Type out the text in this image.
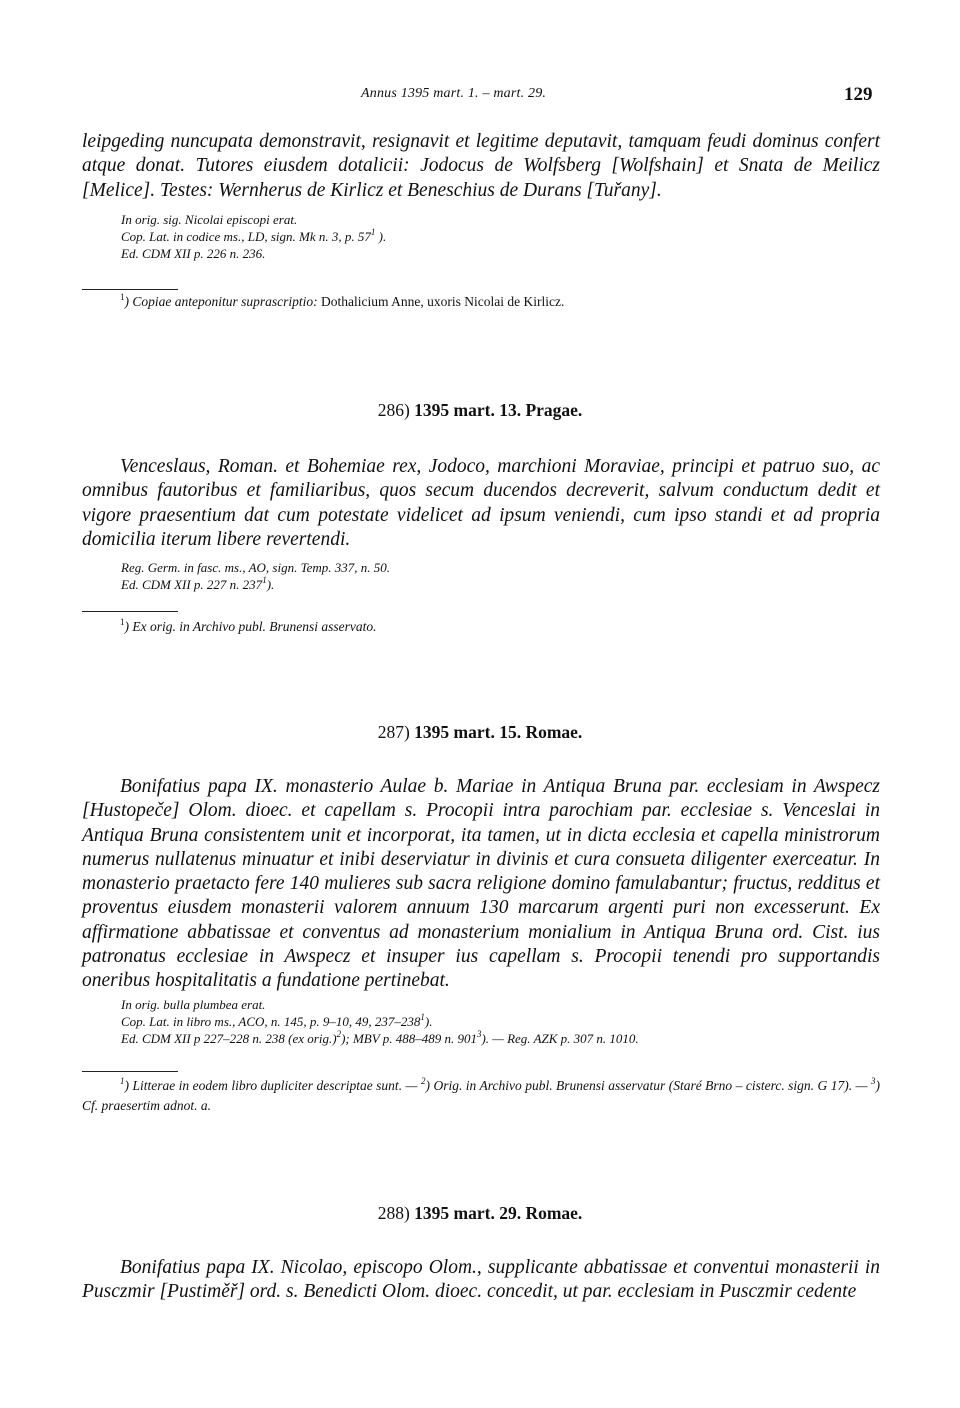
Annus 1395 mart. 1. – mart. 29.	129
leipgeding nuncupata demonstravit, resignavit et legitime deputavit, tamquam feudi dominus confert atque donat. Tutores eiusdem dotalicii: Jodocus de Wolfsberg [Wolfshain] et Snata de Meilicz [Melice]. Testes: Wernherus de Kirlicz et Beneschius de Durans [Tuřany].
In orig. sig. Nicolai episcopi erat.
Cop. Lat. in codice ms., LD, sign. Mk n. 3, p. $57^1$ ).
Ed. CDM XII p. 226 n. 236.
$^1$) Copiae anteponitur suprascriptio: Dothalicium Anne, uxoris Nicolai de Kirlicz.
286) 1395 mart. 13. Pragae.
Venceslaus, Roman. et Bohemiae rex, Jodoco, marchioni Moraviae, principi et patruo suo, ac omnibus fautoribus et familiaribus, quos secum ducendos decreverit, salvum conductum dedit et vigore praesentium dat cum potestate videlicet ad ipsum veniendi, cum ipso standi et ad propria domicilia iterum libere revertendi.
Reg. Germ. in fasc. ms., AO, sign. Temp. 337, n. 50.
Ed. CDM XII p. 227 n. $237^1$).
$^1$) Ex orig. in Archivo publ. Brunensi asservato.
287) 1395 mart. 15. Romae.
Bonifatius papa IX. monasterio Aulae b. Mariae in Antiqua Bruna par. ecclesiam in Awspecz [Hustopeče] Olom. dioec. et capellam s. Procopii intra parochiam par. ecclesiae s. Venceslai in Antiqua Bruna consistentem unit et incorporat, ita tamen, ut in dicta ecclesia et capella ministrorum numerus nullatenus minuatur et inibi deserviatur in divinis et cura consueta diligenter exerceatur. In monasterio praetacto fere 140 mulieres sub sacra religione domino famulabantur; fructus, redditus et proventus eiusdem monasterii valorem annuum 130 marcarum argenti puri non excesserunt. Ex affirmatione abbatissae et conventus ad monasterium monialium in Antiqua Bruna ord. Cist. ius patronatus ecclesiae in Awspecz et insuper ius capellam s. Procopii tenendi pro supportandis oneribus hospitalitatis a fundatione pertinebat.
In orig. bulla plumbea erat.
Cop. Lat. in libro ms., ACO, n. 145, p. 9–10, 49, $237-238^1$).
Ed. CDM XII p 227–228 n. 238 (ex orig.)$^2$); MBV p. 488–489 n. $901^3$). — Reg. AZK p. 307 n. 1010.
$^1$) Litterae in eodem libro dupliciter descriptae sunt. — $^2$) Orig. in Archivo publ. Brunensi asservatur (Staré Brno – cisterc. sign. G 17). — $^3$) Cf. praesertim adnot. a.
288) 1395 mart. 29. Romae.
Bonifatius papa IX. Nicolao, episcopo Olom., supplicante abbatissae et conventui monasterii in Pusczmir [Pustiměř] ord. s. Benedicti Olom. dioec. concedit, ut par. ecclesiam in Pusczmir cedente
